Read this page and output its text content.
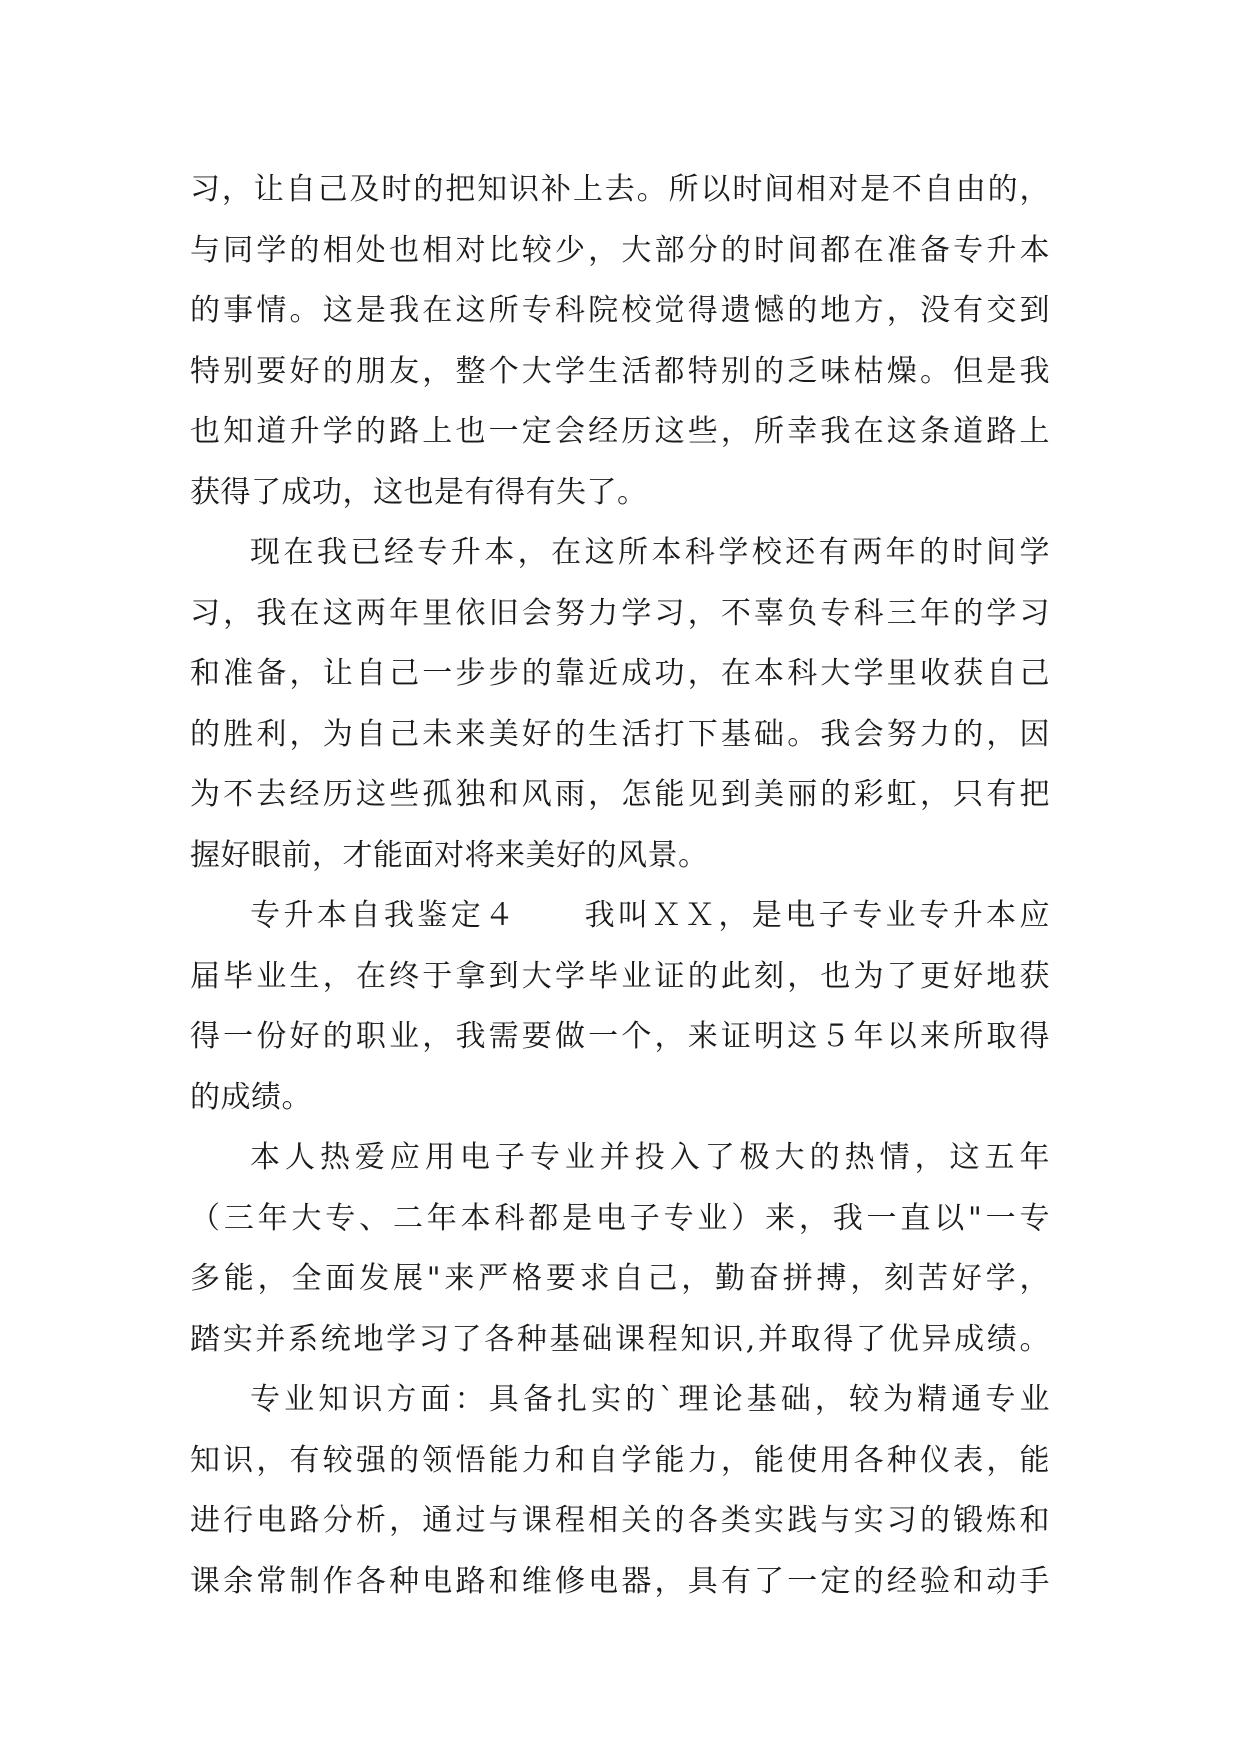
习，让自己及时的把知识补上去。所以时间相对是不自由的，
与同学的相处也相对比较少，大部分的时间都在准备专升本
的事情。这是我在这所专科院校觉得遗憾的地方，没有交到
特别要好的朋友，整个大学生活都特别的乏味枯燥。但是我
也知道升学的路上也一定会经历这些，所幸我在这条道路上
获得了成功，这也是有得有失了。
现在我已经专升本，在这所本科学校还有两年的时间学
习，我在这两年里依旧会努力学习，不辜负专科三年的学习
和准备，让自己一步步的靠近成功，在本科大学里收获自己
的胜利，为自己未来美好的生活打下基础。我会努力的，因
为不去经历这些孤独和风雨，怎能见到美丽的彩虹，只有把
握好眼前，才能面对将来美好的风景。
专升本自我鉴定４　　我叫ＸＸ，是电子专业专升本应
届毕业生，在终于拿到大学毕业证的此刻，也为了更好地获
得一份好的职业，我需要做一个，来证明这５年以来所取得
的成绩。
本人热爱应用电子专业并投入了极大的热情，这五年
（三年大专、二年本科都是电子专业）来，我一直以"一专
多能，全面发展"来严格要求自己，勤奋拼搏，刻苦好学，
踏实并系统地学习了各种基础课程知识,并取得了优异成绩。
专业知识方面：具备扎实的`理论基础，较为精通专业
知识，有较强的领悟能力和自学能力，能使用各种仪表，能
进行电路分析，通过与课程相关的各类实践与实习的锻炼和
课余常制作各种电路和维修电器，具有了一定的经验和动手
